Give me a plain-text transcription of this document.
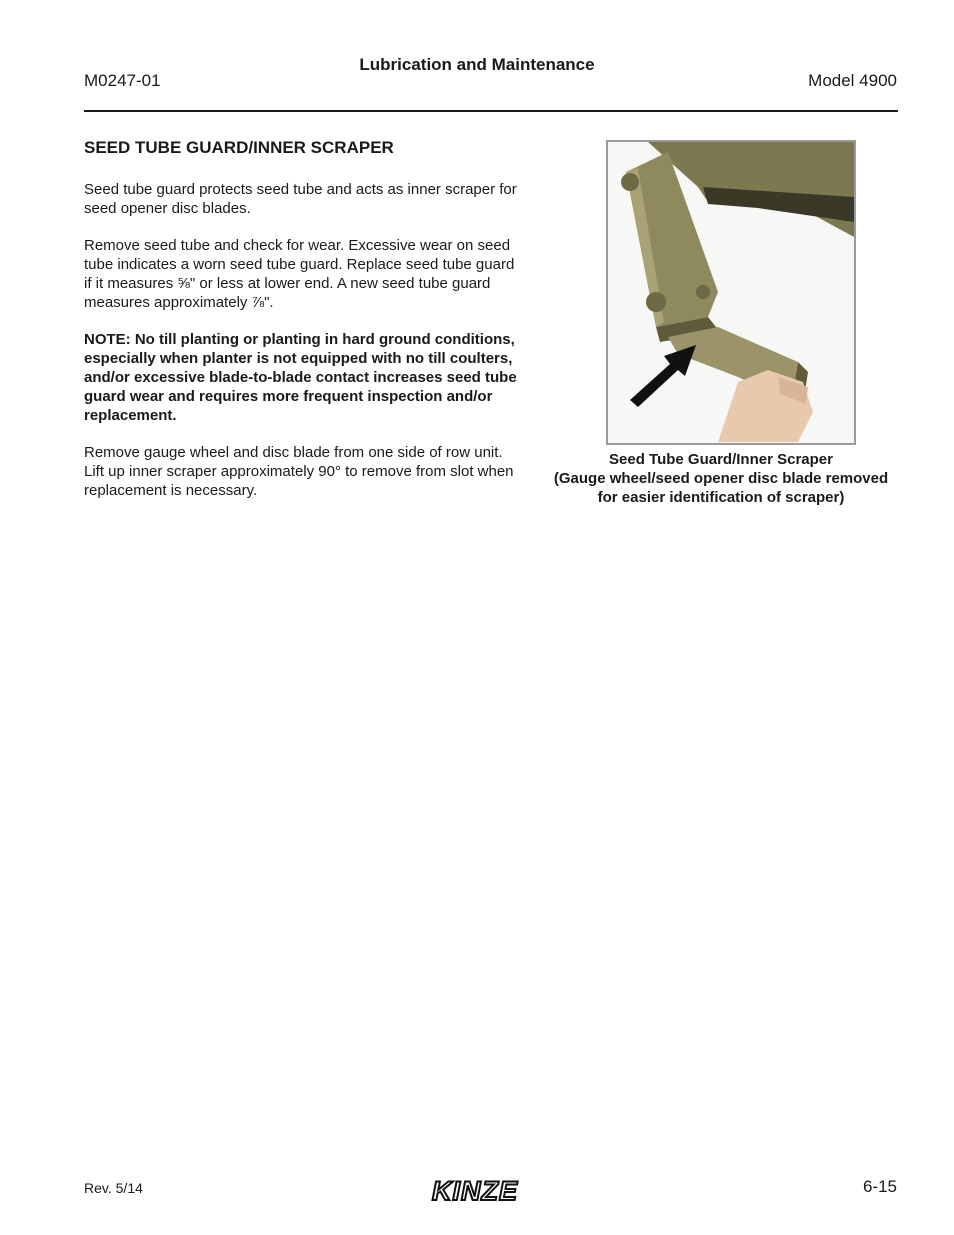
M0247-01
Lubrication and Maintenance
Model 4900
SEED TUBE GUARD/INNER SCRAPER

Seed tube guard protects seed tube and acts as inner scraper for seed opener disc blades.

Remove seed tube and check for wear. Excessive wear on seed tube indicates a worn seed tube guard. Replace seed tube guard if it measures ⅝" or less at lower end. A new seed tube guard measures approximately ⅞".

NOTE: No till planting or planting in hard ground conditions, especially when planter is not equipped with no till coulters, and/or excessive blade-to-blade contact increases seed tube guard wear and requires more frequent inspection and/or replacement.

Remove gauge wheel and disc blade from one side of row unit. Lift up inner scraper approximately 90° to remove from slot when replacement is necessary.

Seed Tube Guard/Inner Scraper
(Gauge wheel/seed opener disc blade removed
for easier identification of scraper)
Rev. 5/14	KINZE	6-15
